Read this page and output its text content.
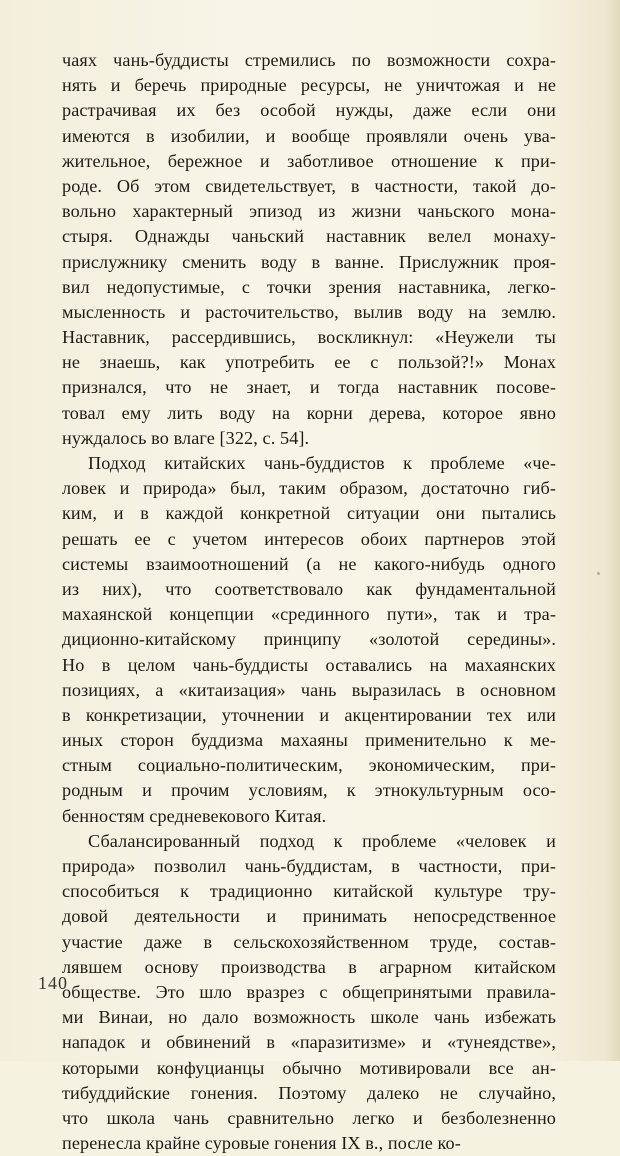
чаях чань-буддисты стремились по возможности сохра-
нять и беречь природные ресурсы, не уничтожая и не
растрачивая их без особой нужды, даже если они
имеются в изобилии, и вообще проявляли очень ува-
жительное, бережное и заботливое отношение к при-
роде. Об этом свидетельствует, в частности, такой до-
вольно характерный эпизод из жизни чаньского мона-
стыря. Однажды чаньский наставник велел монаху-
прислужнику сменить воду в ванне. Прислужник проя-
вил недопустимые, с точки зрения наставника, легко-
мысленность и расточительство, вылив воду на землю.
Наставник, рассердившись, воскликнул: «Неужели ты
не знаешь, как употребить ее с пользой?!» Монах
признался, что не знает, и тогда наставник посове-
товал ему лить воду на корни дерева, которое явно
нуждалось во влаге [322, с. 54].
Подход китайских чань-буддистов к проблеме «че-
ловек и природа» был, таким образом, достаточно гиб-
ким, и в каждой конкретной ситуации они пытались
решать ее с учетом интересов обоих партнеров этой
системы взаимоотношений (а не какого-нибудь одного
из них), что соответствовало как фундаментальной
махаянской концепции «срединного пути», так и тра-
диционно-китайскому принципу «золотой середины».
Но в целом чань-буддисты оставались на махаянских
позициях, а «китаизация» чань выразилась в основном
в конкретизации, уточнении и акцентировании тех или
иных сторон буддизма махаяны применительно к ме-
стным социально-политическим, экономическим, при-
родным и прочим условиям, к этнокультурным осо-
бенностям средневекового Китая.
Сбалансированный подход к проблеме «человек и
природа» позволил чань-буддистам, в частности, при-
способиться к традиционно китайской культуре тру-
довой деятельности и принимать непосредственное
участие даже в сельскохозяйственном труде, состав-
лявшем основу производства в аграрном китайском
обществе. Это шло вразрез с общепринятыми правила-
ми Винаи, но дало возможность школе чань избежать
нападок и обвинений в «паразитизме» и «тунеядстве»,
которыми конфуцианцы обычно мотивировали все ан-
тибуддийские гонения. Поэтому далеко не случайно,
что школа чань сравнительно легко и безболезненно
перенесла крайне суровые гонения IX в., после ко-
140
